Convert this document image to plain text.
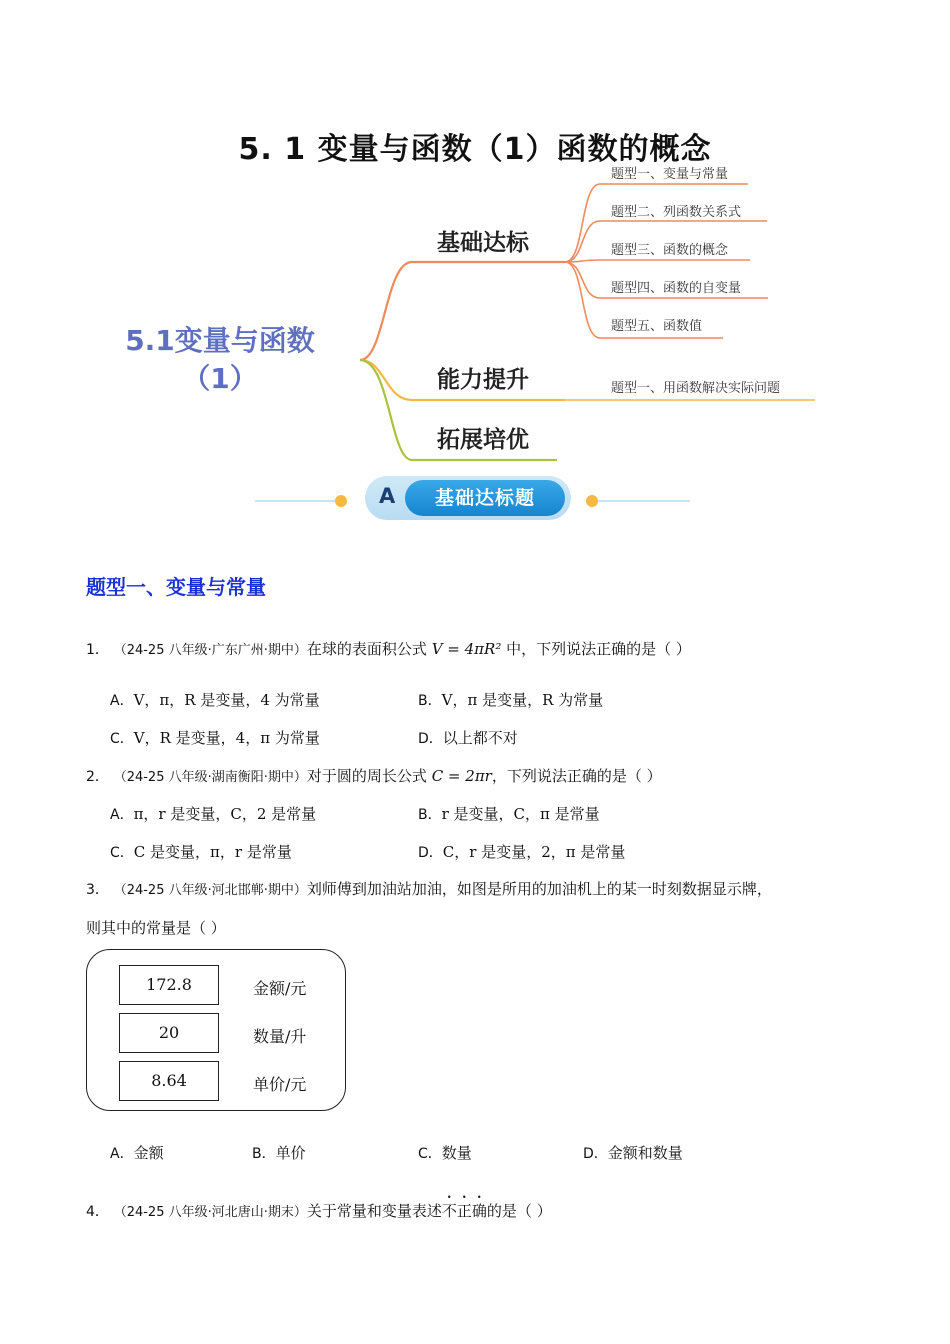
5. 1 变量与函数（1）函数的概念
5.1变量与函数（1）
基础达标
能力提升
拓展培优
题型一、变量与常量
题型二、列函数关系式
题型三、函数的概念
题型四、函数的自变量
题型五、函数值
题型一、用函数解决实际问题
A	基础达标题
题型一、变量与常量
1． （24-25 八年级·广东广州·期中）在球的表面积公式 V = 4πR² 中，下列说法正确的是（ ）
A．V，π，R 是变量，4 为常量	B．V，π 是变量，R 为常量
C．V，R 是变量，4，π 为常量	D．以上都不对
2． （24-25 八年级·湖南衡阳·期中）对于圆的周长公式 C = 2πr，下列说法正确的是（ ）
A．π，r 是变量，C，2 是常量	B．r 是变量，C，π 是常量
C．C 是变量，π，r 是常量	D．C，r 是变量，2，π 是常量
3． （24-25 八年级·河北邯郸·期中）刘师傅到加油站加油，如图是所用的加油机上的某一时刻数据显示牌，
则其中的常量是（ ）
172.8	金额/元
20	数量/升
8.64	单价/元
A．金额	B．单价	C．数量	D．金额和数量
4． （24-25 八年级·河北唐山·期末）关于常量和变量表述不正确的是（ ）
